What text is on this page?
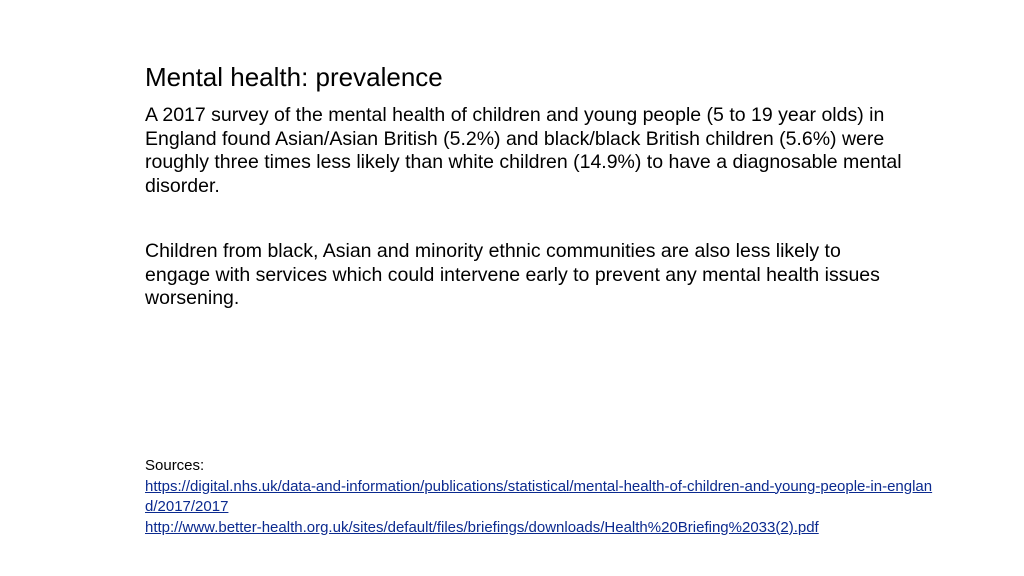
Mental health: prevalence

A 2017 survey of the mental health of children and young people (5 to 19 year olds) in England found Asian/Asian British (5.2%) and black/black British children (5.6%) were roughly three times less likely than white children (14.9%) to have a diagnosable mental disorder.

Children from black, Asian and minority ethnic communities are also less likely to engage with services which could intervene early to prevent any mental health issues worsening.

Sources:
https://digital.nhs.uk/data-and-information/publications/statistical/mental-health-of-children-and-young-people-in-england/2017/2017
http://www.better-health.org.uk/sites/default/files/briefings/downloads/Health%20Briefing%2033(2).pdf
